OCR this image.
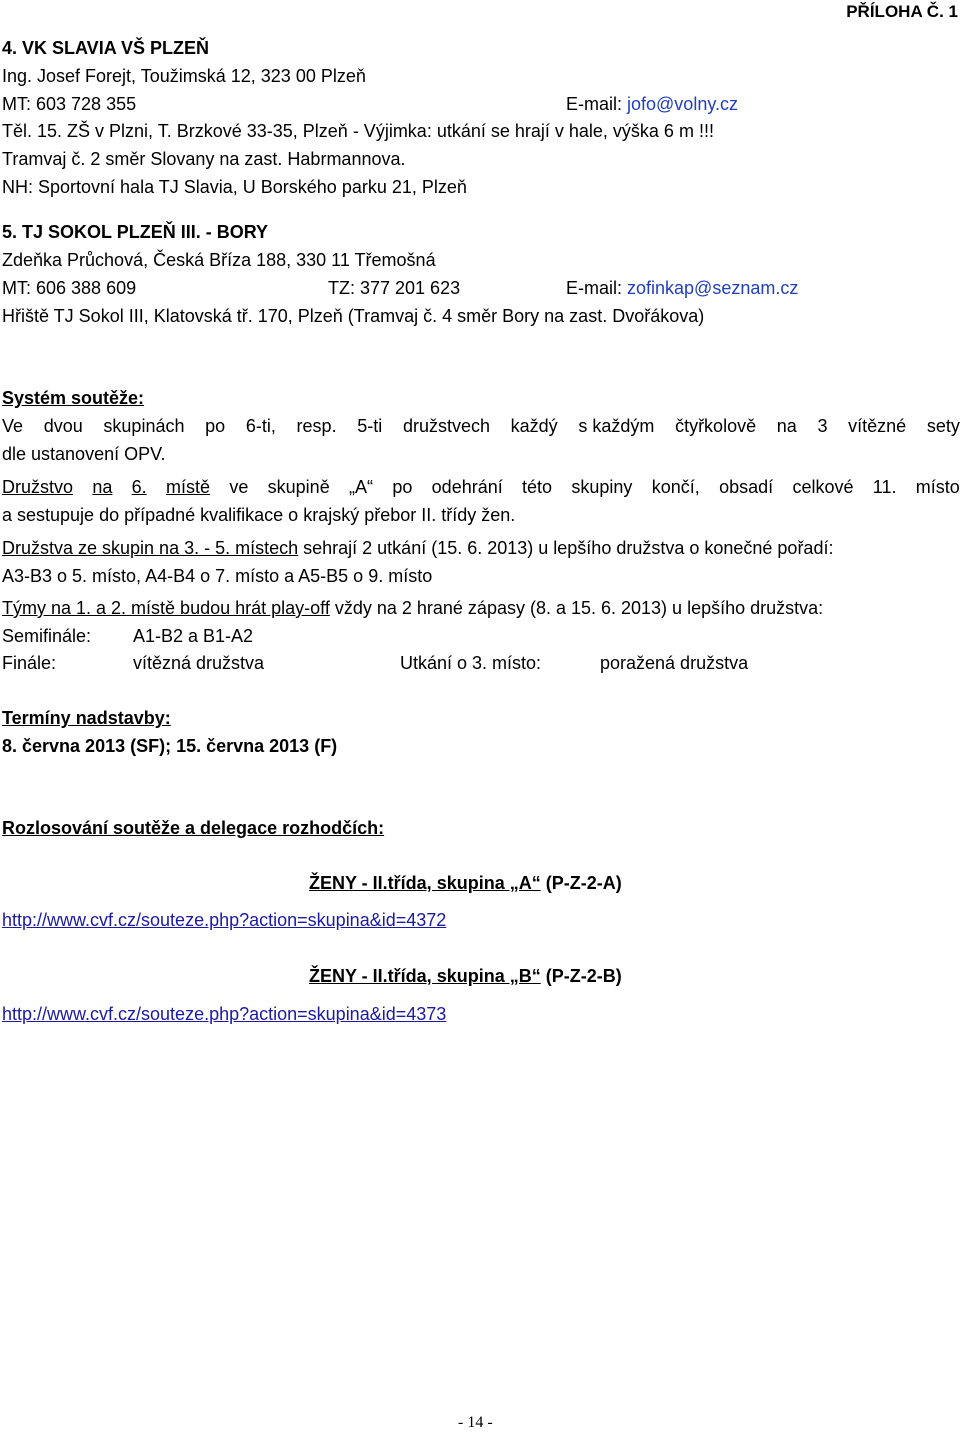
PŘÍLOHA Č. 1
4. VK SLAVIA VŠ PLZEŇ
Ing. Josef Forejt, Toužimská 12, 323 00 Plzeň
MT: 603 728 355	E-mail: jofo@volny.cz
Těl. 15. ZŠ v Plzni, T. Brzkové 33-35, Plzeň - Výjimka: utkání se hrají v hale, výška 6 m !!!
Tramvaj č. 2 směr Slovany na zast. Habrmannova.
NH: Sportovní hala TJ Slavia, U Borského parku 21, Plzeň
5. TJ SOKOL PLZEŇ III. - BORY
Zdeňka Průchová, Česká Bříza 188, 330 11 Třemošná
MT: 606 388 609	TZ: 377 201 623	E-mail: zofinkap@seznam.cz
Hřiště TJ Sokol III, Klatovská tř. 170, Plzeň (Tramvaj č. 4 směr Bory na zast. Dvořákova)
Systém soutěže:
Ve dvou skupinách po 6-ti, resp. 5-ti družstvech každý s každým čtyřkolově na 3 vítězné sety
dle ustanovení OPV.
Družstvo na 6. místě ve skupině „A“ po odehrání této skupiny končí, obsadí celkové 11. místo
a sestupuje do případné kvalifikace o krajský přebor II. třídy žen.
Družstva ze skupin na 3. - 5. místech sehrají 2 utkání (15. 6. 2013) u lepšího družstva o konečné pořadí:
A3-B3 o 5. místo, A4-B4 o 7. místo a A5-B5 o 9. místo
Týmy na 1. a 2. místě budou hrát play-off vždy na 2 hrané zápasy (8. a 15. 6. 2013) u lepšího družstva:
Semifinále: A1-B2 a B1-A2
Finále:	vítězná družstva	Utkání o 3. místo:	poražená družstva
Termíny nadstavby:
8. června 2013 (SF); 15. června 2013 (F)
Rozlosování soutěže a delegace rozhodčích:
ŽENY - II.třída, skupina „A“ (P-Z-2-A)
http://www.cvf.cz/souteze.php?action=skupina&id=4372
ŽENY - II.třída, skupina „B“ (P-Z-2-B)
http://www.cvf.cz/souteze.php?action=skupina&id=4373
- 14 -
